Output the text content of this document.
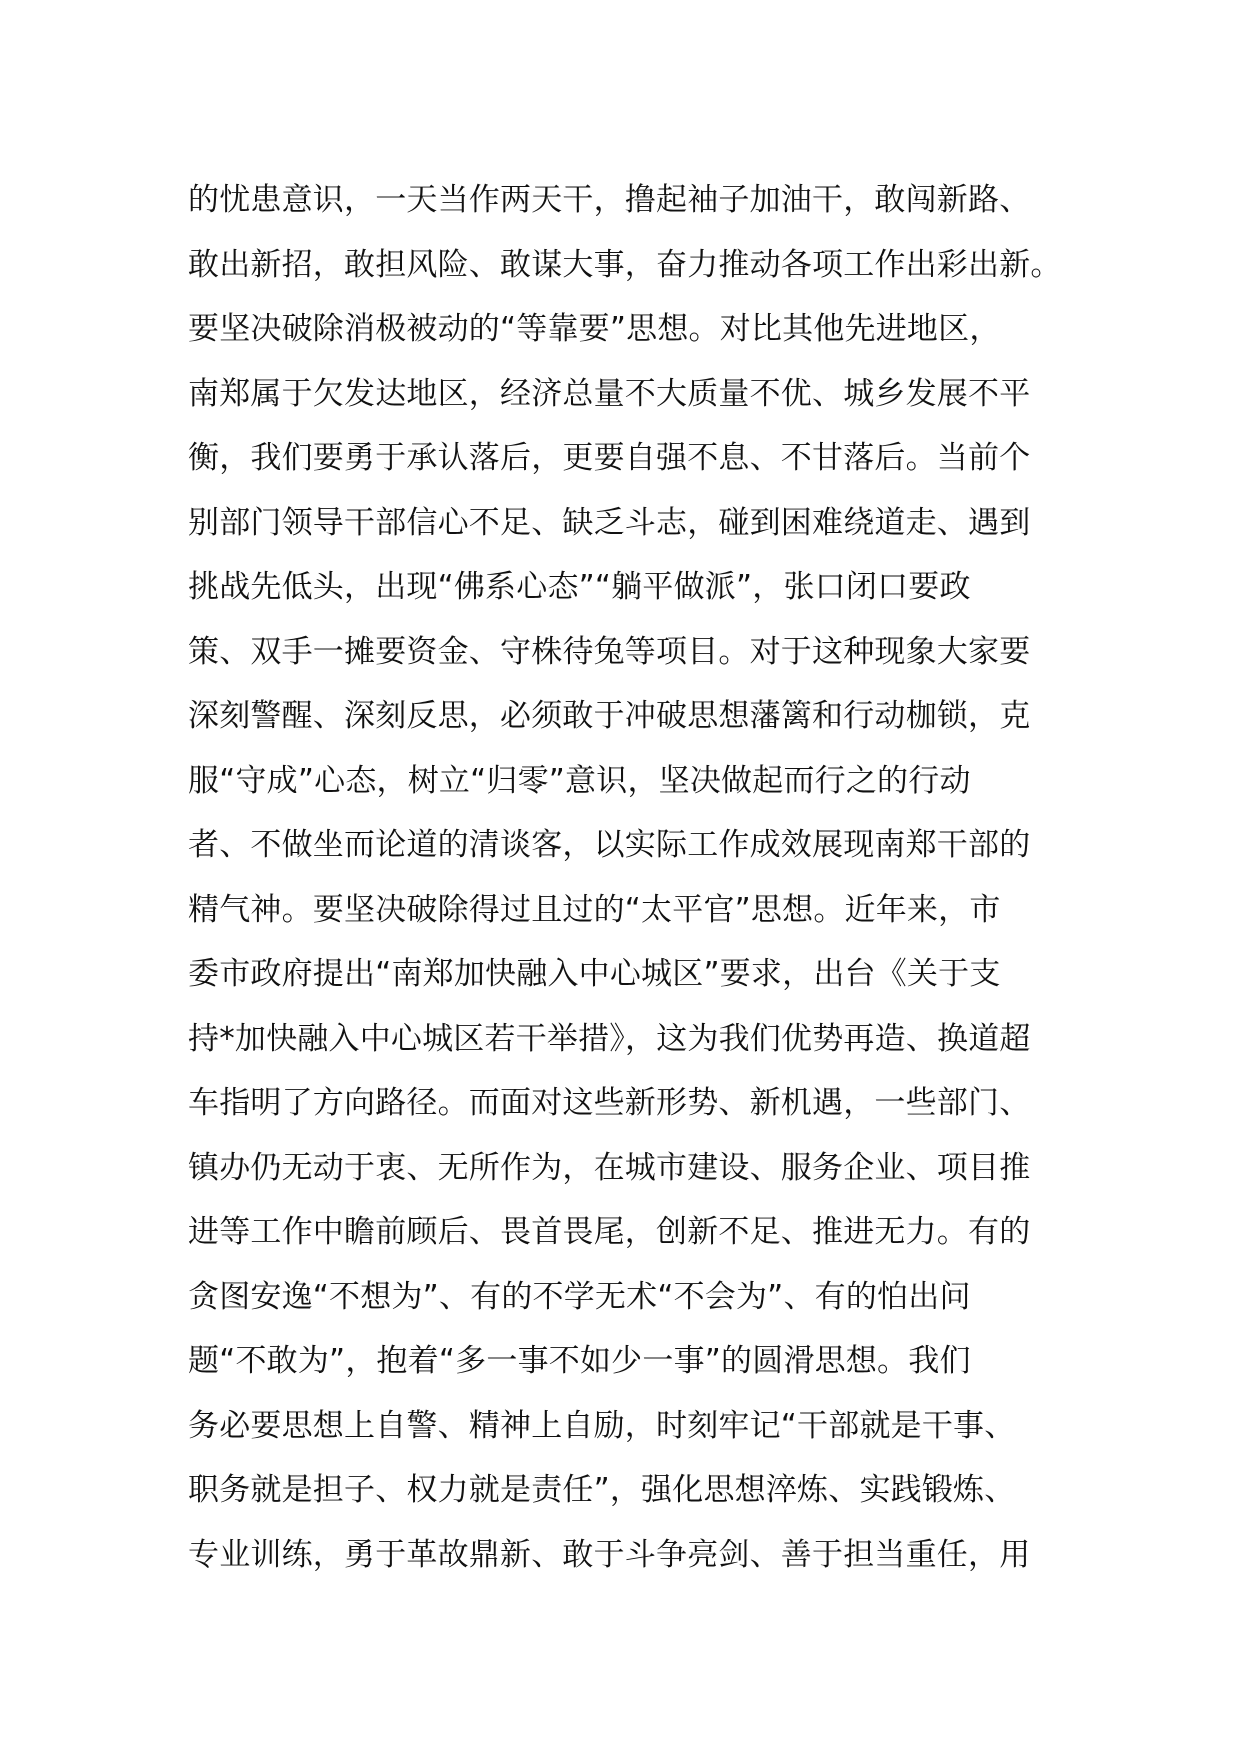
的忧患意识，一天当作两天干，撸起袖子加油干，敢闯新路、
敢出新招，敢担风险、敢谋大事，奋力推动各项工作出彩出新。
要坚决破除消极被动的“等靠要”思想。对比其他先进地区，
南郑属于欠发达地区，经济总量不大质量不优、城乡发展不平
衡，我们要勇于承认落后，更要自强不息、不甘落后。当前个
别部门领导干部信心不足、缺乏斗志，碰到困难绕道走、遇到
挑战先低头，出现“佛系心态”“躺平做派”，张口闭口要政
策、双手一摊要资金、守株待兔等项目。对于这种现象大家要
深刻警醒、深刻反思，必须敢于冲破思想藩篱和行动枷锁，克
服“守成”心态，树立“归零”意识，坚决做起而行之的行动
者、不做坐而论道的清谈客，以实际工作成效展现南郑干部的
精气神。要坚决破除得过且过的“太平官”思想。近年来，市
委市政府提出“南郑加快融入中心城区”要求，出台《关于支
持*加快融入中心城区若干举措》，这为我们优势再造、换道超
车指明了方向路径。而面对这些新形势、新机遇，一些部门、
镇办仍无动于衷、无所作为，在城市建设、服务企业、项目推
进等工作中瞻前顾后、畏首畏尾，创新不足、推进无力。有的
贪图安逸“不想为”、有的不学无术“不会为”、有的怕出问
题“不敢为”，抱着“多一事不如少一事”的圆滑思想。我们
务必要思想上自警、精神上自励，时刻牢记“干部就是干事、
职务就是担子、权力就是责任”，强化思想淬炼、实践锻炼、
专业训练，勇于革故鼎新、敢于斗争亮剑、善于担当重任，用
